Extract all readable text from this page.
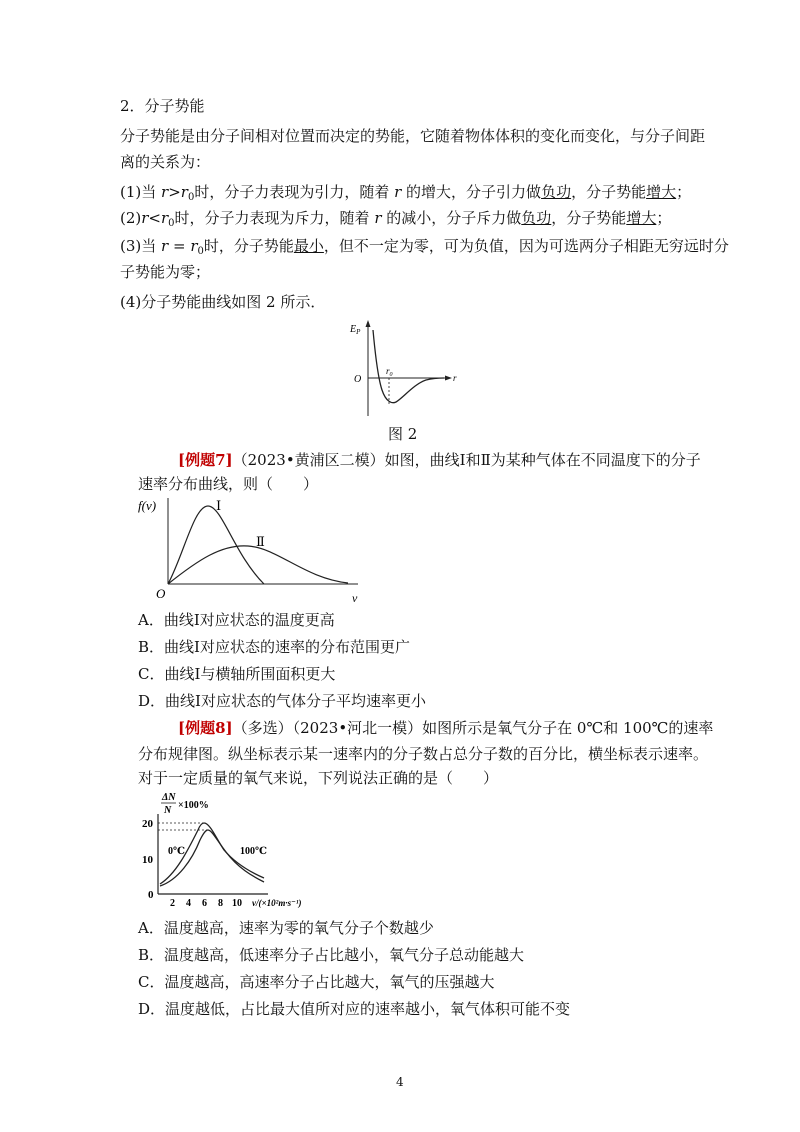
2．分子势能
分子势能是由分子间相对位置而决定的势能，它随着物体体积的变化而变化，与分子间距
离的关系为：
(1)当 $r>r_0$时，分子力表现为引力，随着 r 的增大，分子引力做负功，分子势能增大；
$(2)r<r_0$时，分子力表现为斥力，随着 r 的减小，分子斥力做负功，分子势能增大；
(3)当 $r = r_0$时，分子势能最小，但不一定为零，可为负值，因为可选两分子相距无穷远时分
子势能为零；
(4)分子势能曲线如图 2 所示．
$E_P$
O
$r_0$	r
图 2
[例题7]（2023•黄浦区二模）如图，曲线Ⅰ和Ⅱ为某种气体在不同温度下的分子
速率分布曲线，则（　　）
f(v)	Ⅰ
Ⅱ
O	v
A．曲线Ⅰ对应状态的温度更高
B．曲线Ⅰ对应状态的速率的分布范围更广
C．曲线Ⅰ与横轴所围面积更大
D．曲线Ⅰ对应状态的气体分子平均速率更小
[例题8]（多选）（2023•河北一模）如图所示是氧气分子在 0℃和 100℃的速率
分布规律图。纵坐标表示某一速率内的分子数占总分子数的百分比，横坐标表示速率。
对于一定质量的氧气来说，下列说法正确的是（　　）
ΔN
N ×100%
20
10
0
2 4 6 8 10 v/(×10²m·s⁻¹)
0℃	100℃
A．温度越高，速率为零的氧气分子个数越少
B．温度越高，低速率分子占比越小，氧气分子总动能越大
C．温度越高，高速率分子占比越大，氧气的压强越大
D．温度越低，占比最大值所对应的速率越小，氧气体积可能不变
4
